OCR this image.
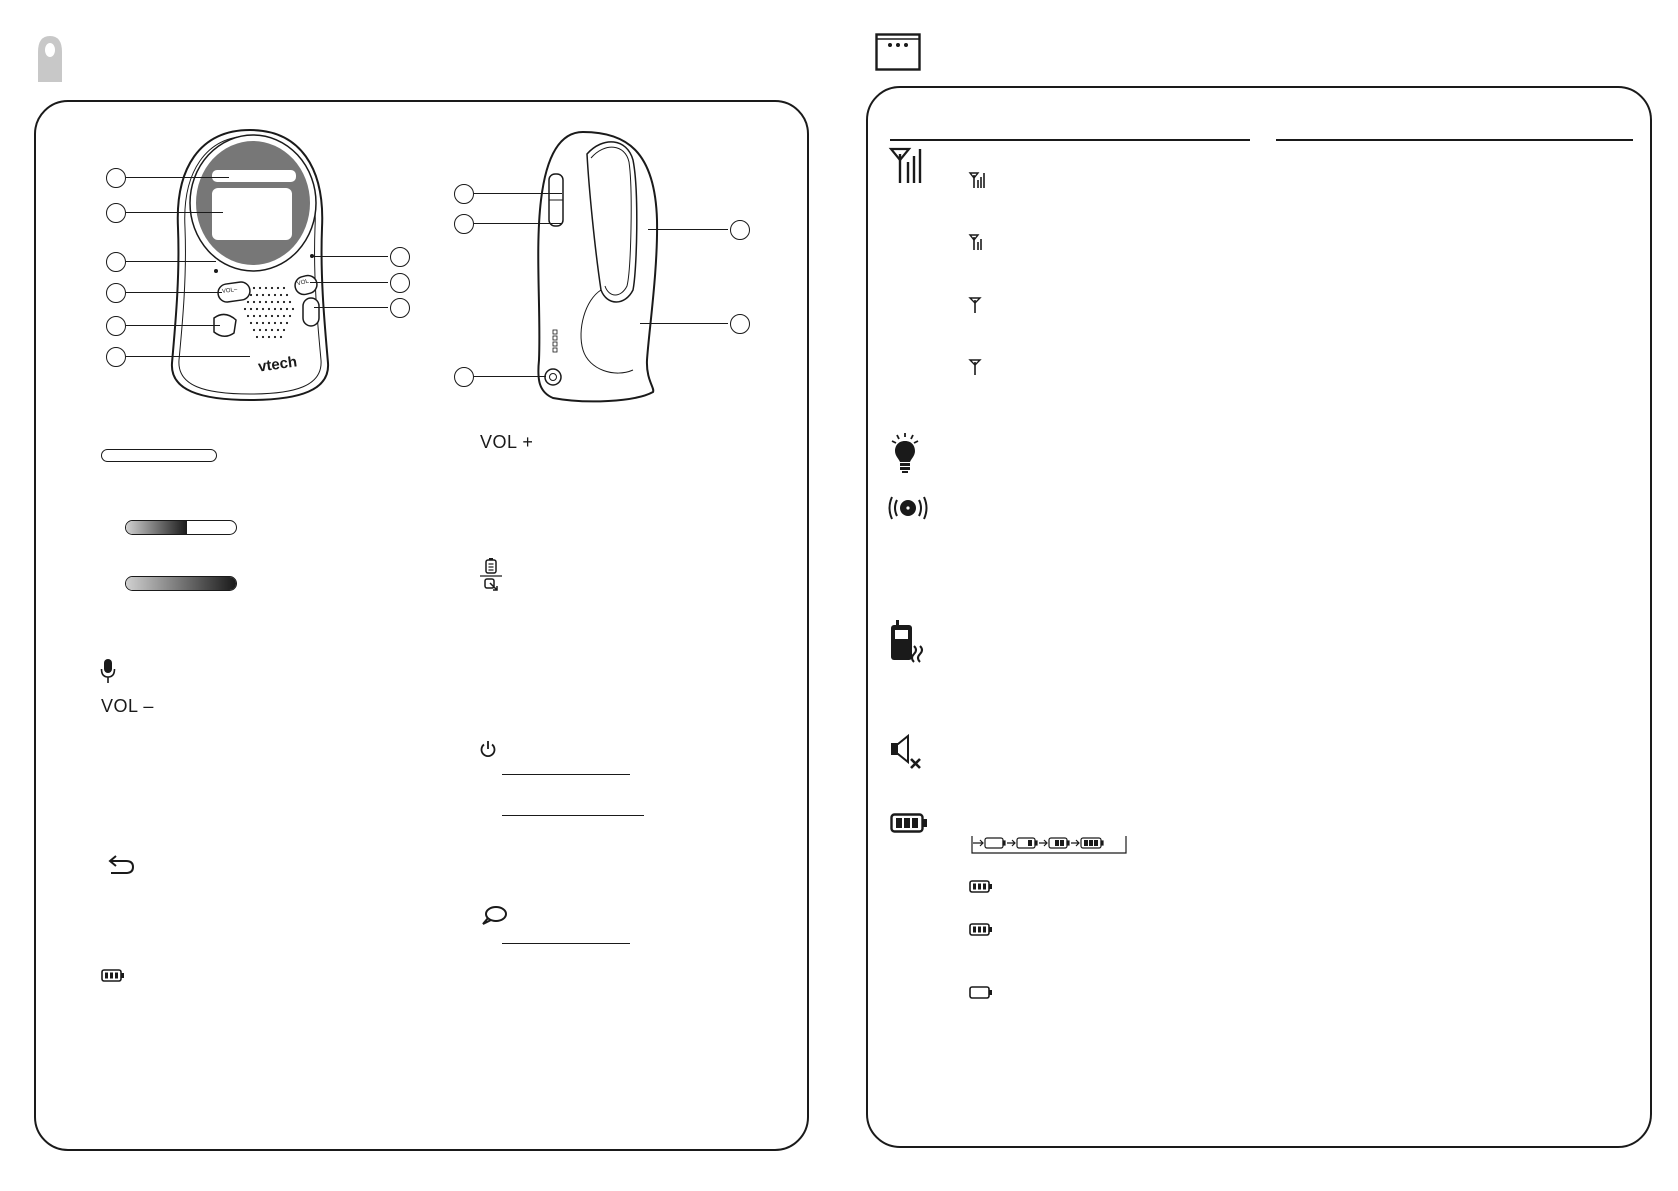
VOL–
VOL
vtech
VOL –
VOL +
